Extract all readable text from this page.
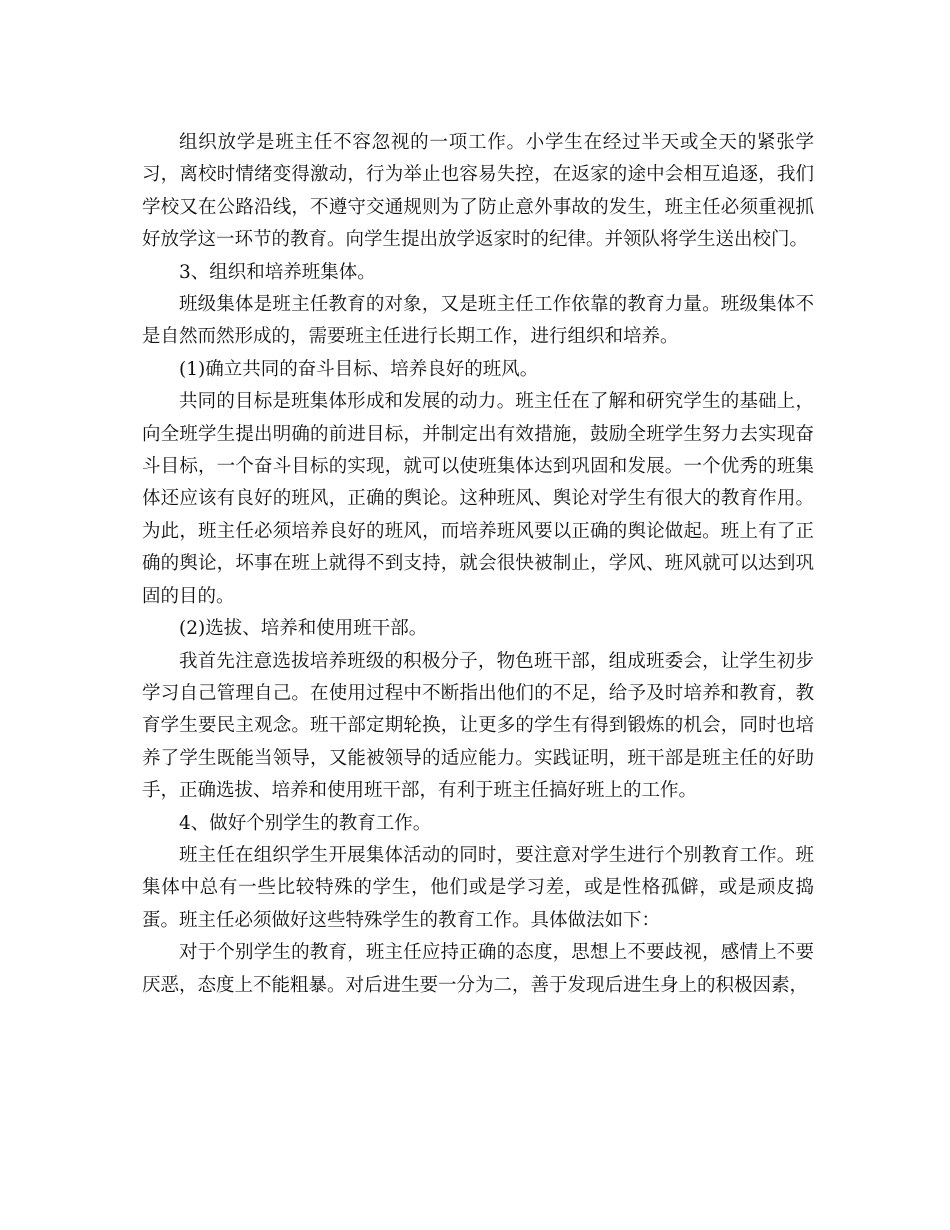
组织放学是班主任不容忽视的一项工作。小学生在经过半天或全天的紧张学习，离校时情绪变得激动，行为举止也容易失控，在返家的途中会相互追逐，我们学校又在公路沿线，不遵守交通规则为了防止意外事故的发生，班主任必须重视抓好放学这一环节的教育。向学生提出放学返家时的纪律。并领队将学生送出校门。

3、组织和培养班集体。

班级集体是班主任教育的对象，又是班主任工作依靠的教育力量。班级集体不是自然而然形成的，需要班主任进行长期工作，进行组织和培养。

(1)确立共同的奋斗目标、培养良好的班风。

共同的目标是班集体形成和发展的动力。班主任在了解和研究学生的基础上，向全班学生提出明确的前进目标，并制定出有效措施，鼓励全班学生努力去实现奋斗目标，一个奋斗目标的实现，就可以使班集体达到巩固和发展。一个优秀的班集体还应该有良好的班风，正确的舆论。这种班风、舆论对学生有很大的教育作用。为此，班主任必须培养良好的班风，而培养班风要以正确的舆论做起。班上有了正确的舆论，坏事在班上就得不到支持，就会很快被制止，学风、班风就可以达到巩固的目的。

(2)选拔、培养和使用班干部。

我首先注意选拔培养班级的积极分子，物色班干部，组成班委会，让学生初步学习自己管理自己。在使用过程中不断指出他们的不足，给予及时培养和教育，教育学生要民主观念。班干部定期轮换，让更多的学生有得到锻炼的机会，同时也培养了学生既能当领导，又能被领导的适应能力。实践证明，班干部是班主任的好助手，正确选拔、培养和使用班干部，有利于班主任搞好班上的工作。

4、做好个别学生的教育工作。

班主任在组织学生开展集体活动的同时，要注意对学生进行个别教育工作。班集体中总有一些比较特殊的学生，他们或是学习差，或是性格孤僻，或是顽皮捣蛋。班主任必须做好这些特殊学生的教育工作。具体做法如下：

对于个别学生的教育，班主任应持正确的态度，思想上不要歧视，感情上不要厌恶，态度上不能粗暴。对后进生要一分为二，善于发现后进生身上的积极因素，
